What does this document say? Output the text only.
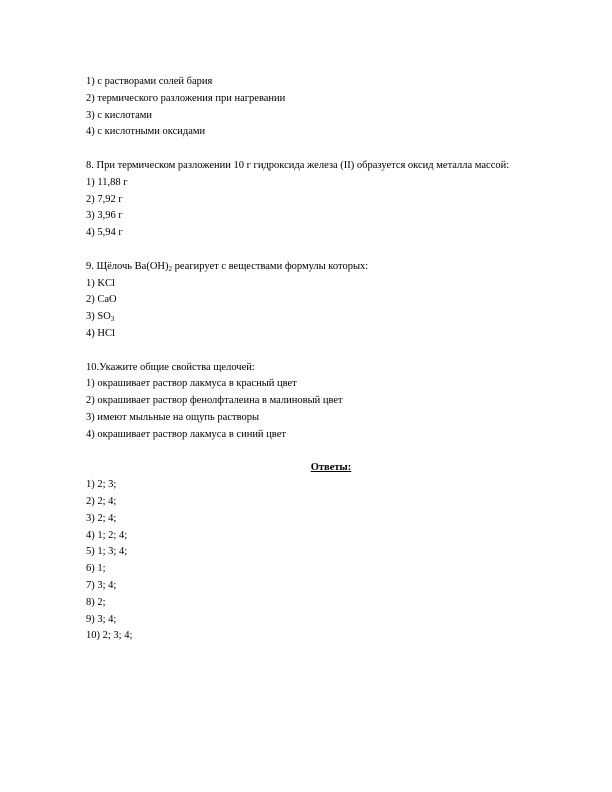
1) с растворами солей бария
2) термического разложения при нагревании
3) с кислотами
4) с кислотными оксидами
8. При термическом разложении 10 г гидроксида железа (II) образуется оксид металла массой:
1) 11,88 г
2) 7,92 г
3) 3,96 г
4) 5,94 г
9. Щёлочь $Ba(OH)_2$ реагирует с веществами формулы которых:
1) KCl
2) CaO
3) $SO_3$
4) HCl
10.Укажите общие свойства щелочей:
1) окрашивает раствор лакмуса в красный цвет
2) окрашивает раствор фенолфталеина в малиновый цвет
3) имеют мыльные на ощупь растворы
4) окрашивает раствор лакмуса в синий цвет
Ответы:
1) 2; 3;
2) 2; 4;
3) 2; 4;
4) 1; 2; 4;
5) 1; 3; 4;
6) 1;
7) 3; 4;
8) 2;
9) 3; 4;
10) 2; 3; 4;
